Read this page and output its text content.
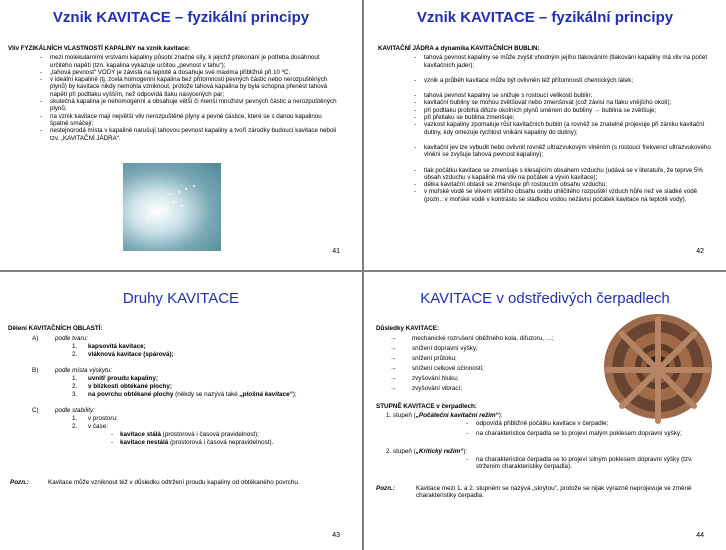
Vznik KAVITACE – fyzikální principy
Vliv FYZIKÁLNÍCH VLASTNOSTÍ KAPALINY na vznik kavitace:
- mezi molekulárními vrstvami kapaliny působí značné síly, k jejichž překonání je potřeba dosáhnout určitého napětí (tzn. kapalina vykazuje určitou „pevnost v tahu“);
- „tahová pevnost“ VODY je závislá na teplotě a dosahuje své maxima přibližně při 10 ºC;
- v ideální kapalině (tj. zcela homogenní kapalina bez přítomnosti pevných částic nebo nerozpuštěných plynů) by kavitace nikdy nemohla vzniknout, protože tahová kapalina by byla schopna přenést tahová napětí při podtlaku vyšším, než odpovídá tlaku nasycených par;
- skutečná kapalina je nehomogenní a obsahuje větší či menší množství pevných částic a nerozpuštěných plynů;
- na vznik kavitace mají největší vliv nerozpuštěné plyny a pevné částice, které se s danou kapalinou špatně smáčejí;
- nestejnorodá místa v kapalině narušují tahovou pevnost kapaliny a tvoří zárodky budoucí kavitace neboli tzv. „KAVITAČNÍ JÁDRA“.
41
Vznik KAVITACE – fyzikální principy
KAVITAČNÍ JÁDRA a dynamika KAVITAČNÍCH BUBLIN:
- tahová pevnost kapaliny se může zvýšit vhodným jejího tlakováním (tlakování kapaliny má vliv na počet kavitačních jader);
- vznik a průběh kavitace může být ovlivněn též přítomností chemických látek;
- tahová pevnost kapaliny se snižuje s rostoucí velikostí bublin;
- kavitační bubliny se mohou zvětšovat nebo zmenšovat (což závisí na tlaku vnějšího okolí);
- při podtlaku probíhá difúze okolních plynů směrem do bubliny → bublina se zvětšuje;
- při přetlaku se bublina zmenšuje;
- vazkost kapaliny zpomaluje růst kavitačních bublin (a rovněž se znatelně projevuje při zániku kavitační dutiny, kdy omezuje rychlost vnikání kapaliny do dutiny);
- kavitační jev lze vybudit nebo ovlivnit rovněž ultrazvukovým vlněním (s rostoucí frekvencí ultrazvukového vlnění se zvyšuje tahová pevnost kapaliny);
- tlak počátku kavitace se zmenšuje s klesajícím obsahem vzduchu (udává se v literatuře, že teprve 5% obsah vzduchu v kapalině má vliv na počátek a vývin kavitace);
- délka kavitační oblasti se zmenšuje při rostoucím obsahu vzduchu;
- v mořské vodě se vlivem většího obsahu oxidu uhličitého rozpuštěí vzduch hůře než ve sladké vodě (pozn.: v mořské vodě v kontrastu se sladkou vodou nezávisí počátek kavitace na teplotě vody).
42
Druhy KAVITACE
Dělení KAVITAČNÍCH OBLASTÍ:
A)	podle tvaru:
1. kapsovitá kavitace;
2. vláknová kavitace (spárová);
B)	podle místa výskytu:
1. uvnitř proudu kapaliny;
2. v blízkosti obtékané plochy;
3. na povrchu obtékané plochy (někdy se nazývá také „plošná kavitace“);
C)	podle stability:
1. v prostoru;
2. v čase:
- kavitace stálá (prostorová i časová pravidelnost);
- kavitace nestálá (prostorová i časová nepravidelnost).
Pozn.:	Kavitace může vzniknout též v důsledku odtržení proudu kapaliny od obtékaného povrchu.
43
KAVITACE v odstředivých čerpadlech
Důsledky KAVITACE:
→ mechanické rozrušení oběžného kola, difuzoru, …;
→ snížení dopravní výšky;
→ snížení průtoku;
→ snížení celkové účinnosti;
→ zvyšování hluku;
→ zvyšování vibrací;
STUPNĚ KAVITACE v čerpadlech:
1. stupeň („Počáteční kavitační režim“):
- odpovídá přibližně počátku kavitace v čerpadle;
- na charakteristice čerpadla se to projeví malým poklesem dopravní výšky;
2. stupeň („Kritický režim“):
- na charakteristice čerpadla se to projeví silným poklesem dopravní výšky (tzv. stržením charakteristiky čerpadla).
Pozn.:	Kavitace mezi 1. a 2. stupněm se nazývá „skrytou“, protože se nijak výrazně neprojevuje ve změně charakteristiky čerpadla.
44
